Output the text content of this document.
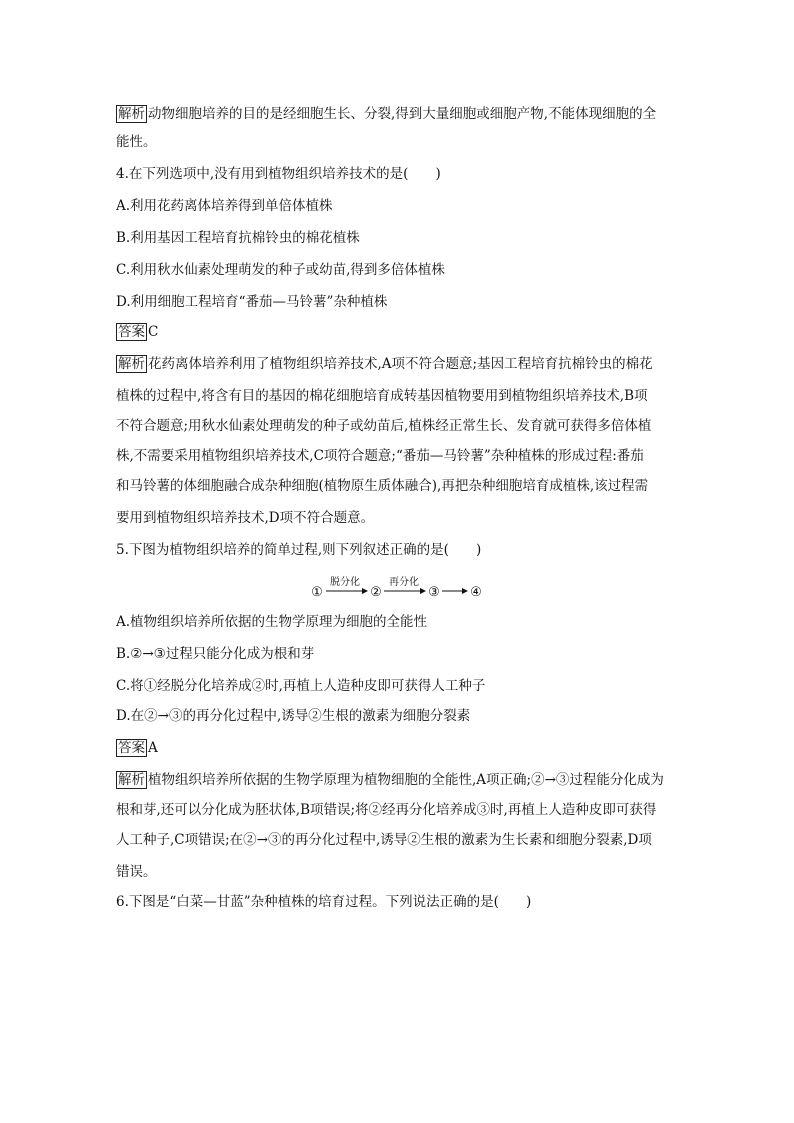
解析 动物细胞培养的目的是经细胞生长、分裂,得到大量细胞或细胞产物,不能体现细胞的全
能性。
4.在下列选项中,没有用到植物组织培养技术的是(　　)
A.利用花药离体培养得到单倍体植株
B.利用基因工程培育抗棉铃虫的棉花植株
C.利用秋水仙素处理萌发的种子或幼苗,得到多倍体植株
D.利用细胞工程培育“番茄—马铃薯”杂种植株
答案 C
解析 花药离体培养利用了植物组织培养技术,A项不符合题意;基因工程培育抗棉铃虫的棉花
植株的过程中,将含有目的基因的棉花细胞培育成转基因植物要用到植物组织培养技术,B项
不符合题意;用秋水仙素处理萌发的种子或幼苗后,植株经正常生长、发育就可获得多倍体植
株,不需要采用植物组织培养技术,C项符合题意;“番茄—马铃薯”杂种植株的形成过程:番茄
和马铃薯的体细胞融合成杂种细胞(植物原生质体融合),再把杂种细胞培育成植株,该过程需
要用到植物组织培养技术,D项不符合题意。
5.下图为植物组织培养的简单过程,则下列叙述正确的是(　　)
A.植物组织培养所依据的生物学原理为细胞的全能性
B.②→③过程只能分化成为根和芽
C.将①经脱分化培养成②时,再植上人造种皮即可获得人工种子
D.在②→③的再分化过程中,诱导②生根的激素为细胞分裂素
答案 A
解析 植物组织培养所依据的生物学原理为植物细胞的全能性,A项正确;②→③过程能分化成为
根和芽,还可以分化成为胚状体,B项错误;将②经再分化培养成③时,再植上人造种皮即可获得
人工种子,C项错误;在②→③的再分化过程中,诱导②生根的激素为生长素和细胞分裂素,D项
错误。
6.下图是“白菜—甘蓝”杂种植株的培育过程。下列说法正确的是(　　)
脱分化	再分化
①	②	③ ④
